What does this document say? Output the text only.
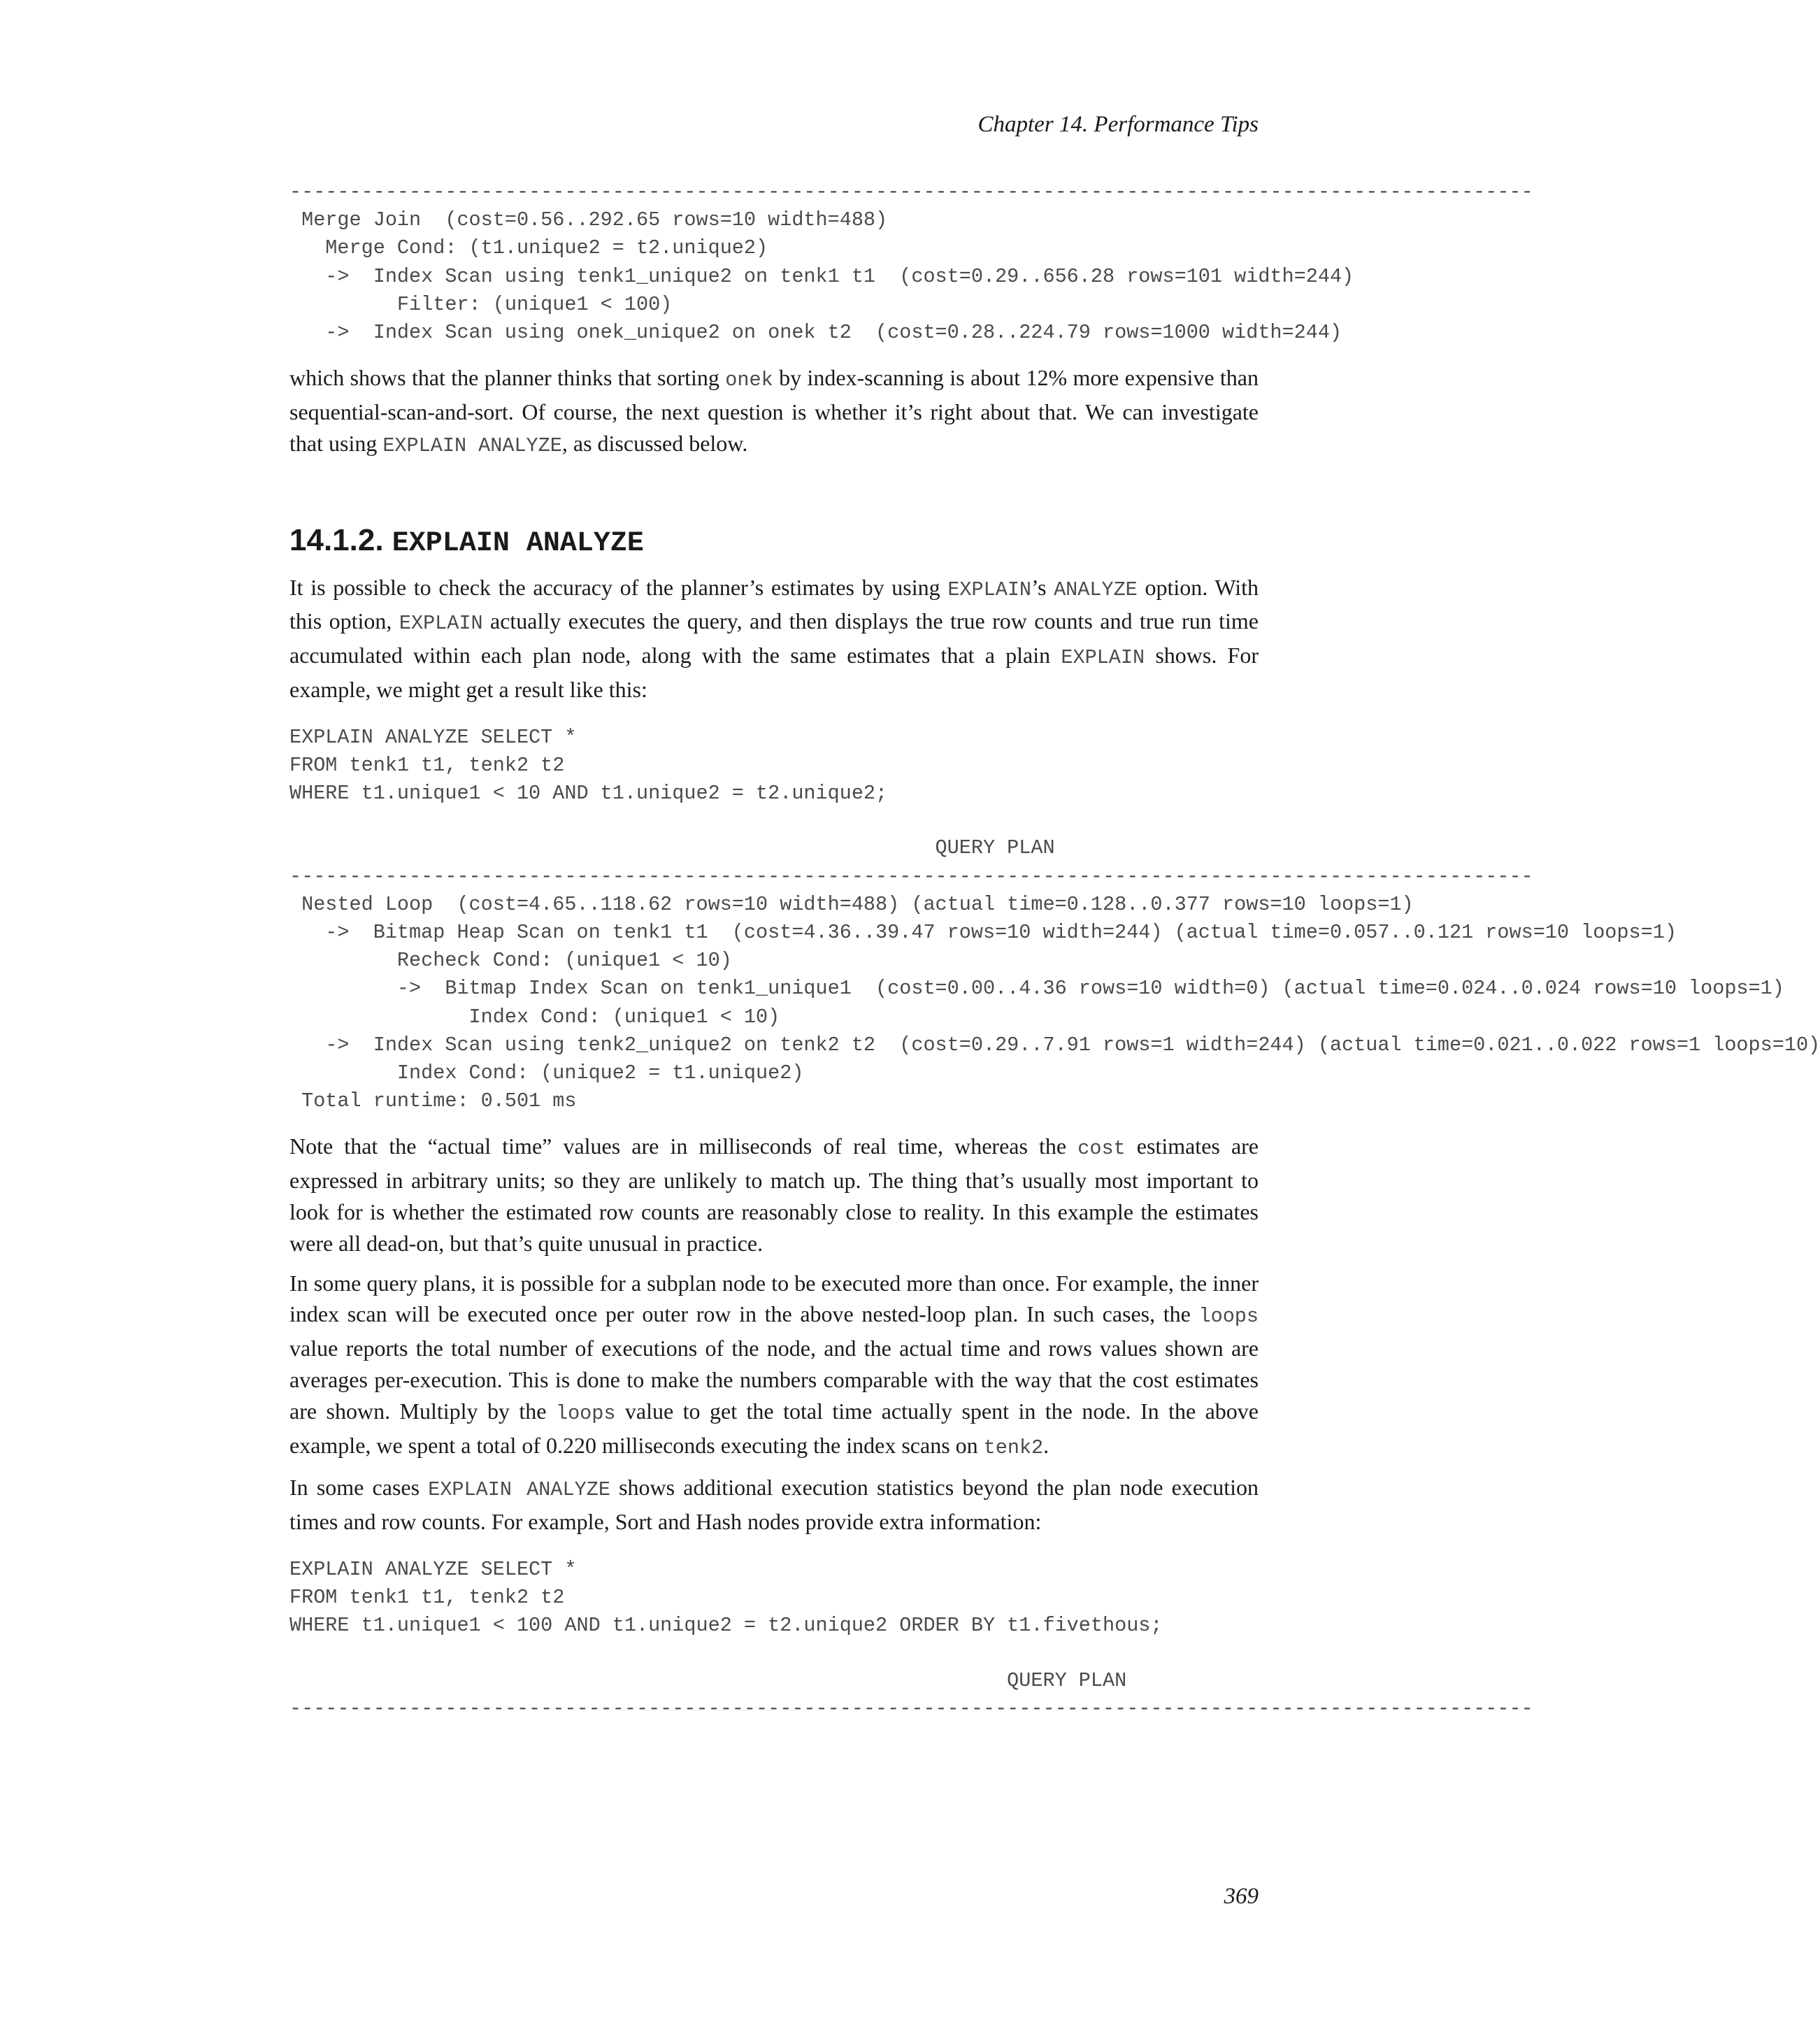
Chapter 14. Performance Tips
--------------------------------------------------------------------------------------------------------
Merge Join  (cost=0.56..292.65 rows=10 width=488)
Merge Cond: (t1.unique2 = t2.unique2)
->  Index Scan using tenk1_unique2 on tenk1 t1  (cost=0.29..656.28 rows=101 width=244)
Filter: (unique1 < 100)
->  Index Scan using onek_unique2 on onek t2  (cost=0.28..224.79 rows=1000 width=244)

which shows that the planner thinks that sorting onek by index-scanning is about 12% more expensive than sequential-scan-and-sort. Of course, the next question is whether it’s right about that. We can investigate that using EXPLAIN ANALYZE, as discussed below.

14.1.2. EXPLAIN ANALYZE

It is possible to check the accuracy of the planner’s estimates by using EXPLAIN’s ANALYZE option. With this option, EXPLAIN actually executes the query, and then displays the true row counts and true run time accumulated within each plan node, along with the same estimates that a plain EXPLAIN shows. For example, we might get a result like this:

EXPLAIN ANALYZE SELECT *
FROM tenk1 t1, tenk2 t2
WHERE t1.unique1 < 10 AND t1.unique2 = t2.unique2;
QUERY PLAN
--------------------------------------------------------------------------------------------------------
Nested Loop  (cost=4.65..118.62 rows=10 width=488) (actual time=0.128..0.377 rows=10 loops=1)
->  Bitmap Heap Scan on tenk1 t1  (cost=4.36..39.47 rows=10 width=244) (actual time=0.057..0.121 rows=10 loops=1)
Recheck Cond: (unique1 < 10)
->  Bitmap Index Scan on tenk1_unique1  (cost=0.00..4.36 rows=10 width=0) (actual time=0.024..0.024 rows=10 loops=1)
Index Cond: (unique1 < 10)
->  Index Scan using tenk2_unique2 on tenk2 t2  (cost=0.29..7.91 rows=1 width=244) (actual time=0.021..0.022 rows=1 loops=10)
Index Cond: (unique2 = t1.unique2)
Total runtime: 0.501 ms

Note that the “actual time” values are in milliseconds of real time, whereas the cost estimates are expressed in arbitrary units; so they are unlikely to match up. The thing that’s usually most important to look for is whether the estimated row counts are reasonably close to reality. In this example the estimates were all dead-on, but that’s quite unusual in practice.

In some query plans, it is possible for a subplan node to be executed more than once. For example, the inner index scan will be executed once per outer row in the above nested-loop plan. In such cases, the loops value reports the total number of executions of the node, and the actual time and rows values shown are averages per-execution. This is done to make the numbers comparable with the way that the cost estimates are shown. Multiply by the loops value to get the total time actually spent in the node. In the above example, we spent a total of 0.220 milliseconds executing the index scans on tenk2.

In some cases EXPLAIN ANALYZE shows additional execution statistics beyond the plan node execution times and row counts. For example, Sort and Hash nodes provide extra information:

EXPLAIN ANALYZE SELECT *
FROM tenk1 t1, tenk2 t2
WHERE t1.unique1 < 100 AND t1.unique2 = t2.unique2 ORDER BY t1.fivethous;
QUERY PLAN
--------------------------------------------------------------------------------------------------------
369
